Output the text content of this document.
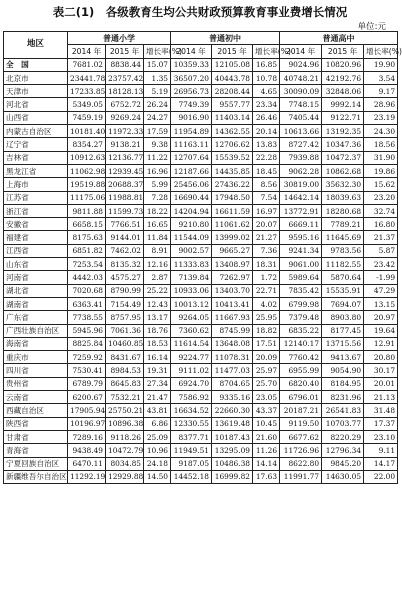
表二(1)　各级教育生均公共财政预算教育事业费增长情况
单位:元
地区	普通小学			普通初中			普通高中		
	2014 年	2015 年	增长率(%)	2014 年	2015 年	增长率(%)	2014 年	2015 年	增长率(%)
全　国	7681.02	8838.44	15.07	10359.33	12105.08	16.85	9024.96	10820.96	19.90
北京市	23441.78	23757.42	1.35	36507.20	40443.78	10.78	40748.21	42192.76	3.54
天津市	17233.85	18128.13	5.19	26956.73	28208.44	4.65	30090.09	32848.06	9.17
河北省	5349.05	6752.72	26.24	7749.39	9557.77	23.34	7748.15	9992.14	28.96
山西省	7459.19	9269.24	24.27	9016.90	11403.14	26.46	7405.44	9122.71	23.19
内蒙古自治区	10181.40	11972.33	17.59	11954.89	14362.55	20.14	10613.66	13192.35	24.30
辽宁省	8354.27	9138.21	9.38	11163.11	12706.62	13.83	8727.42	10347.36	18.56
吉林省	10912.63	12136.77	11.22	12707.64	15539.52	22.28	7939.88	10472.37	31.90
黑龙江省	11062.98	12939.45	16.96	12187.66	14435.85	18.45	9062.28	10862.68	19.86
上海市	19519.88	20688.37	5.99	25456.06	27436.22	8.56	30819.00	35632.30	15.62
江苏省	11175.06	11988.81	7.28	16690.44	17948.50	7.54	14642.14	18039.63	23.20
浙江省	9811.88	11599.73	18.22	14204.94	16611.59	16.97	13772.91	18280.68	32.74
安徽省	6658.15	7766.51	16.65	9210.80	11061.62	20.07	6669.11	7789.21	16.80
福建省	8175.63	9144.01	11.84	11544.09	13999.02	21.27	9595.16	11645.69	21.37
江西省	6851.82	7462.02	8.91	9002.57	9665.27	7.36	9241.34	9783.56	5.87
山东省	7253.54	8135.32	12.16	11333.83	13408.97	18.31	9061.00	11182.55	23.42
河南省	4442.03	4575.27	2.87	7139.84	7262.97	1.72	5989.64	5870.64	-1.99
湖北省	7020.68	8790.99	25.22	10933.06	13403.70	22.71	7835.42	15535.91	47.29
湖南省	6363.41	7154.49	12.43	10013.12	10413.41	4.02	6799.98	7694.07	13.15
广东省	7738.55	8757.95	13.17	9264.05	11667.93	25.95	7379.48	8903.80	20.97
广西壮族自治区	5945.96	7061.36	18.76	7360.62	8745.99	18.82	6835.22	8177.45	19.64
海南省	8825.84	10460.85	18.53	11614.54	13648.08	17.51	12140.17	13715.56	12.91
重庆市	7259.92	8431.67	16.14	9224.77	11078.31	20.09	7760.42	9413.67	20.80
四川省	7530.41	8984.53	19.31	9111.02	11477.03	25.97	6955.99	9054.90	30.17
贵州省	6789.79	8645.83	27.34	6924.70	8704.65	25.70	6820.40	8184.95	20.01
云南省	6200.67	7532.21	21.47	7586.92	9335.16	23.05	6796.01	8231.96	21.13
西藏自治区	17905.94	25750.21	43.81	16634.52	22660.30	43.37	20187.21	26541.83	31.48
陕西省	10196.97	10896.38	6.86	12330.55	13619.48	10.45	9119.50	10703.77	17.37
甘肃省	7289.16	9118.26	25.09	8377.71	10187.43	21.60	6677.62	8220.29	23.10
青海省	9438.49	10472.79	10.96	11949.51	13295.09	11.26	11726.96	12796.34	9.11
宁夏回族自治区	6470.11	8034.85	24.18	9187.05	10486.38	14.14	8622.80	9845.20	14.17
新疆维吾尔自治区	11292.19	12929.88	14.50	14452.18	16999.82	17.63	11991.77	14630.05	22.00
